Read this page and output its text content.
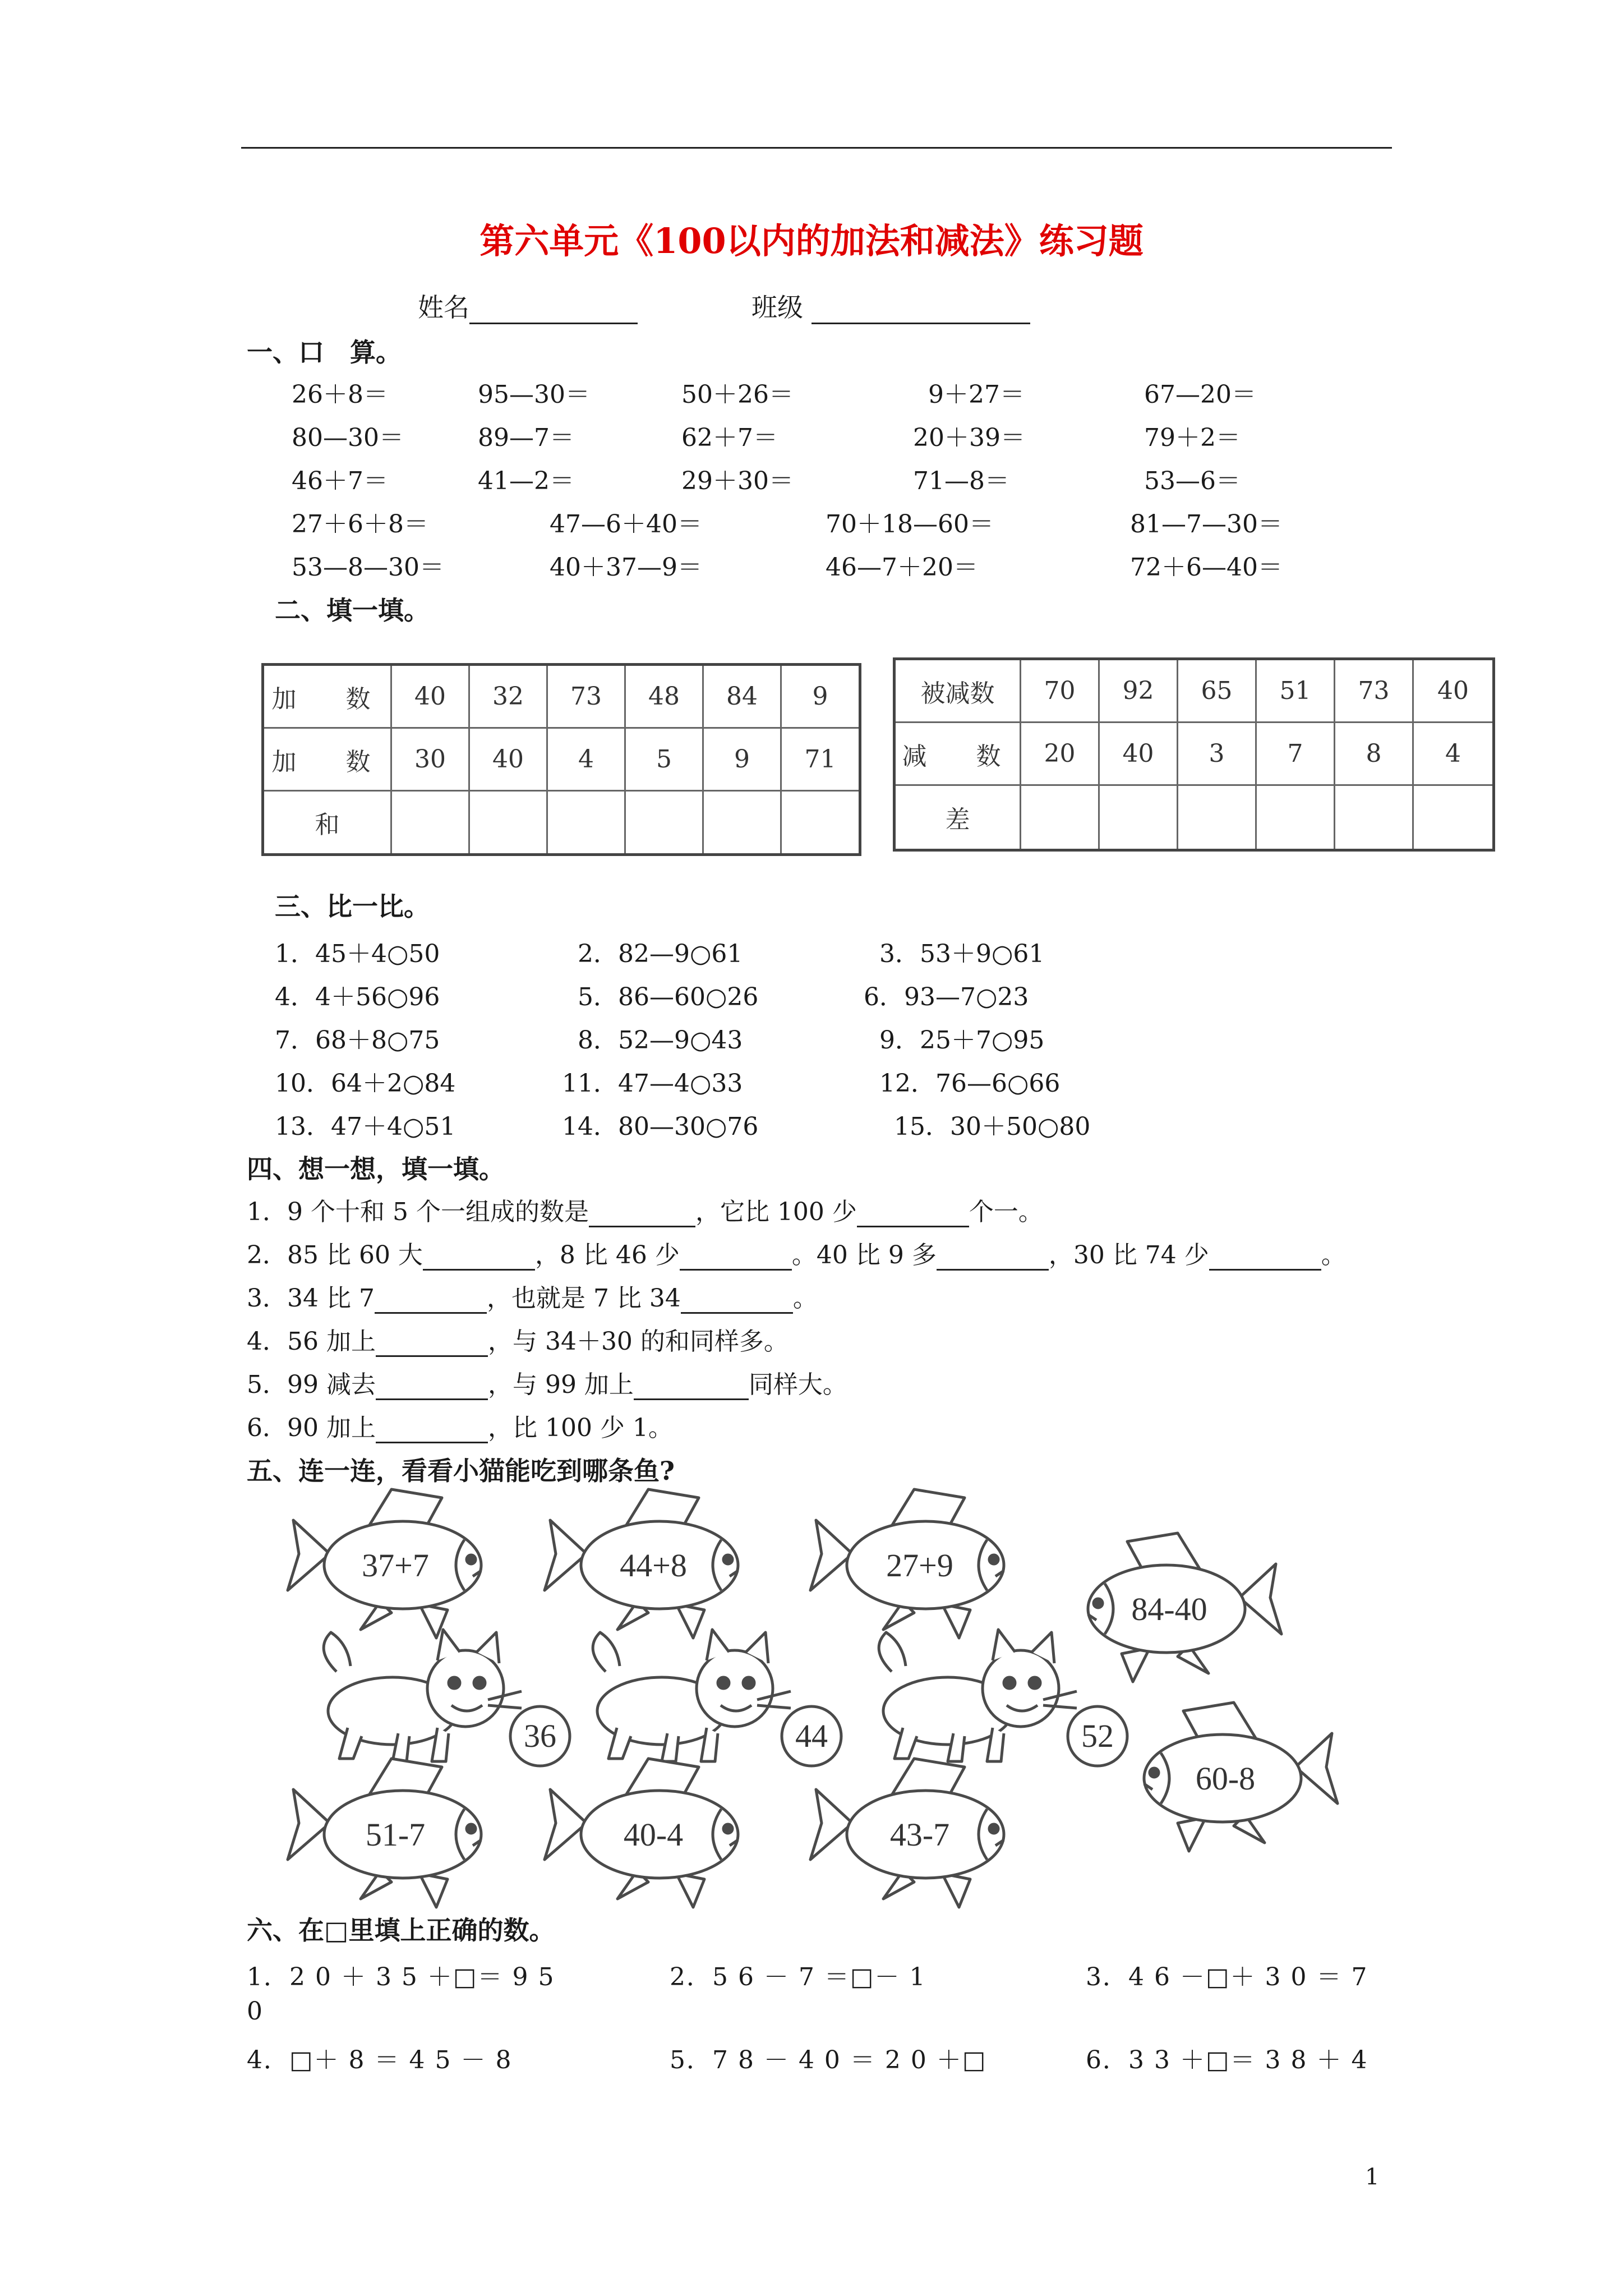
第六单元《100以内的加法和减法》练习题
姓名	班级
一、口　算。
26＋8＝	95—30＝	50＋26＝	9＋27＝	67—20＝
80—30＝	89—7＝	62＋7＝	20＋39＝	79＋2＝
46＋7＝	41—2＝	29＋30＝	71—8＝	53—6＝
27＋6＋8＝	47—6＋40＝	70＋18—60＝	81—7—30＝
53—8—30＝	40＋37—9＝	46—7＋20＝	72＋6—40＝
二、填一填。
加　数	40	32	73	48	84	9
加　数	30	40	4	5	9	71
和
被减数	70	92	65	51	73	40
减　数	20	40	3	7	8	4
差
三、比一比。
1．45＋4○50	2．82—9○61	3．53＋9○61
4．4＋56○96	5．86—60○26	6．93—7○23
7．68＋8○75	8．52—9○43	9．25＋7○95
10．64＋2○84	11．47—4○33	12．76—6○66
13．47＋4○51	14．80—30○76	15．30＋50○80
四、想一想，填一填。
1．9 个十和 5 个一组成的数是	，它比 100 少	个一。
2．85 比 60 大	，8 比 46 少	。40 比 9 多	，30 比 74 少	。
3．34 比 7	，也就是 7 比 34	。
4．56 加上	，与 34＋30 的和同样多。
5．99 减去	，与 99 加上	同样大。
6．90 加上	，比 100 少 1。
五、连一连，看看小猫能吃到哪条鱼?
37+7	44+8	27+9
84-40
36	44	52
51-7	40-4	43-7
60-8
六、在□里填上正确的数。
1．2 0 ＋ 3 5 ＋□＝ 9 5	2．5 6 － 7 ＝□－ 1	3．4 6 －□＋ 3 0 ＝ 7
0
4．□＋ 8 ＝ 4 5 － 8	5．7 8 － 4 0 ＝ 2 0 ＋□	6．3 3 ＋□＝ 3 8 ＋ 4
1
